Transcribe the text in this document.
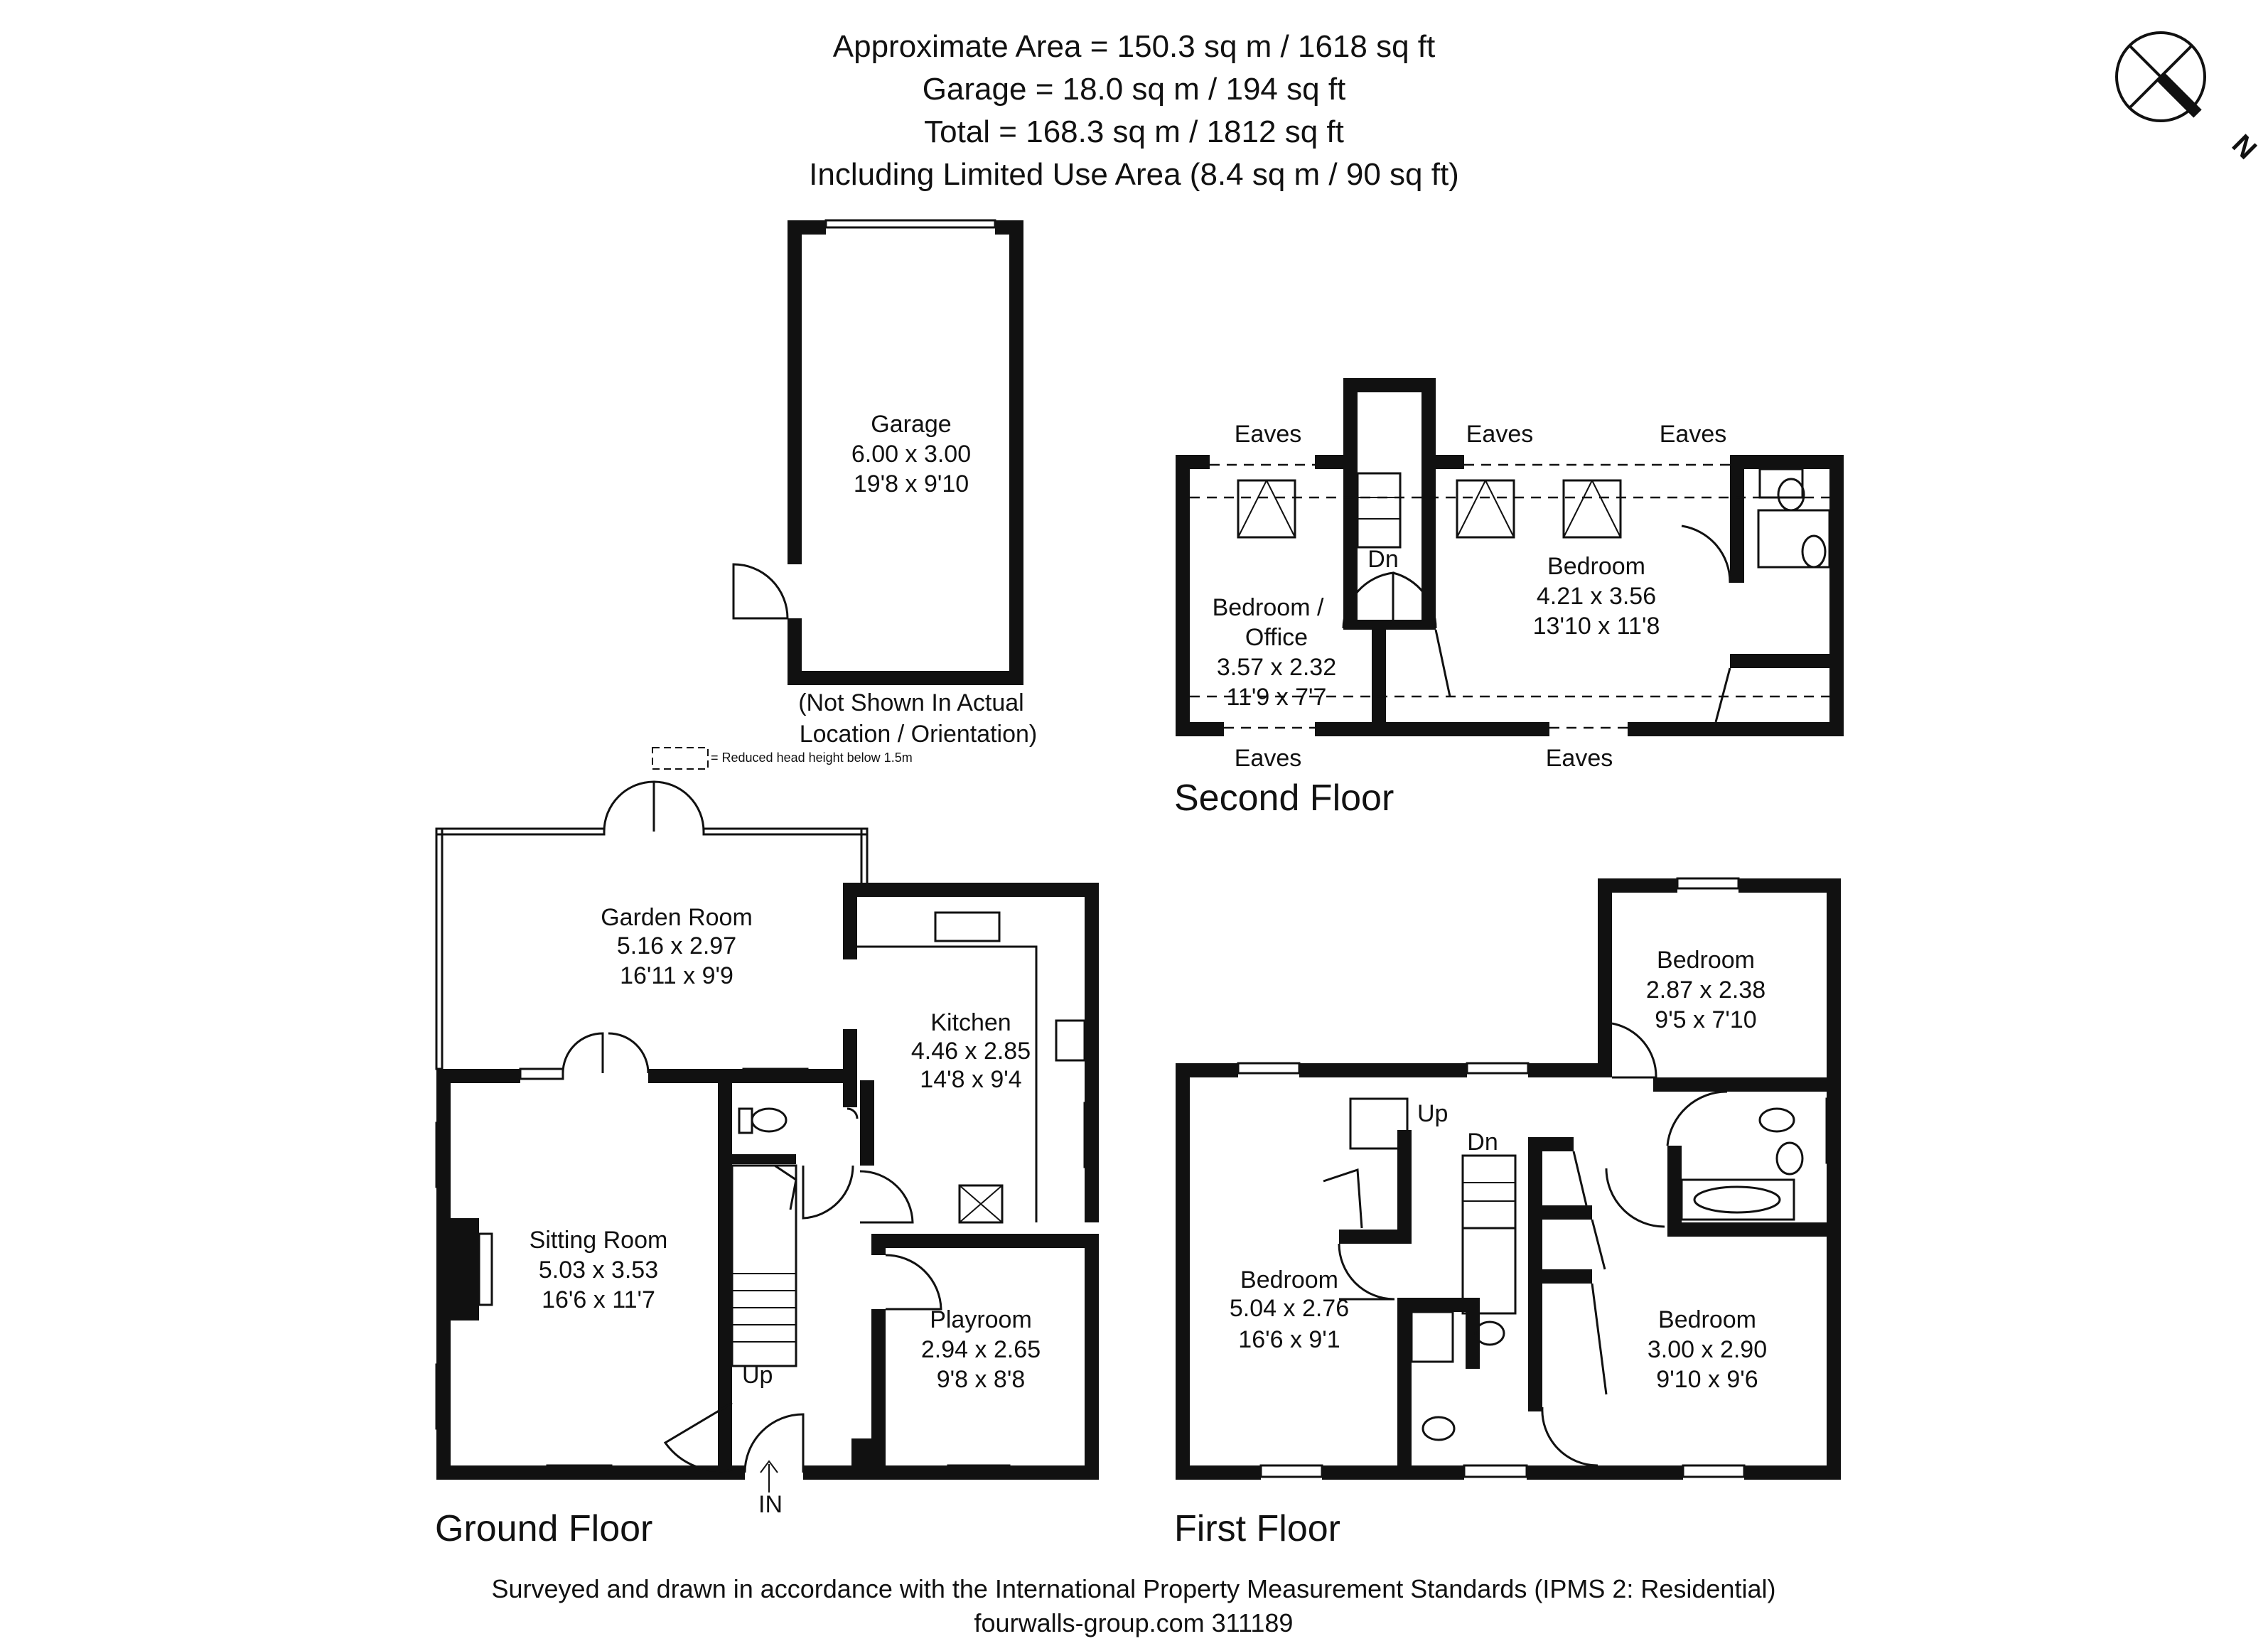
Approximate Area = 150.3 sq m / 1618 sq ft
Garage = 18.0 sq m / 194 sq ft
Total = 168.3 sq m / 1812 sq ft
Including Limited Use Area (8.4 sq m / 90 sq ft)
N
Garage
6.00 x 3.00
19'8 x 9'10
(Not Shown In Actual
Location / Orientation)
= Reduced head height below 1.5m
Garden Room
5.16 x 2.97
16'11 x 9'9
Kitchen
4.46 x 2.85
14'8 x 9'4
Sitting Room
5.03 x 3.53
16'6 x 11'7
Playroom
2.94 x 2.65
9'8 x 8'8
Up
IN
Ground Floor
Bedroom
2.87 x 2.38
9'5 x 7'10
Bedroom
5.04 x 2.76
16'6 x 9'1
Bedroom
3.00 x 2.90
9'10 x 9'6
Up
Dn
First Floor
Eaves	Eaves	Eaves
Eaves	Eaves
Bedroom /
Office
3.57 x 2.32
11'9 x 7'7
Bedroom
4.21 x 3.56
13'10 x 11'8
Dn
Second Floor
Surveyed and drawn in accordance with the International Property Measurement Standards (IPMS 2: Residential)
fourwalls-group.com 311189
